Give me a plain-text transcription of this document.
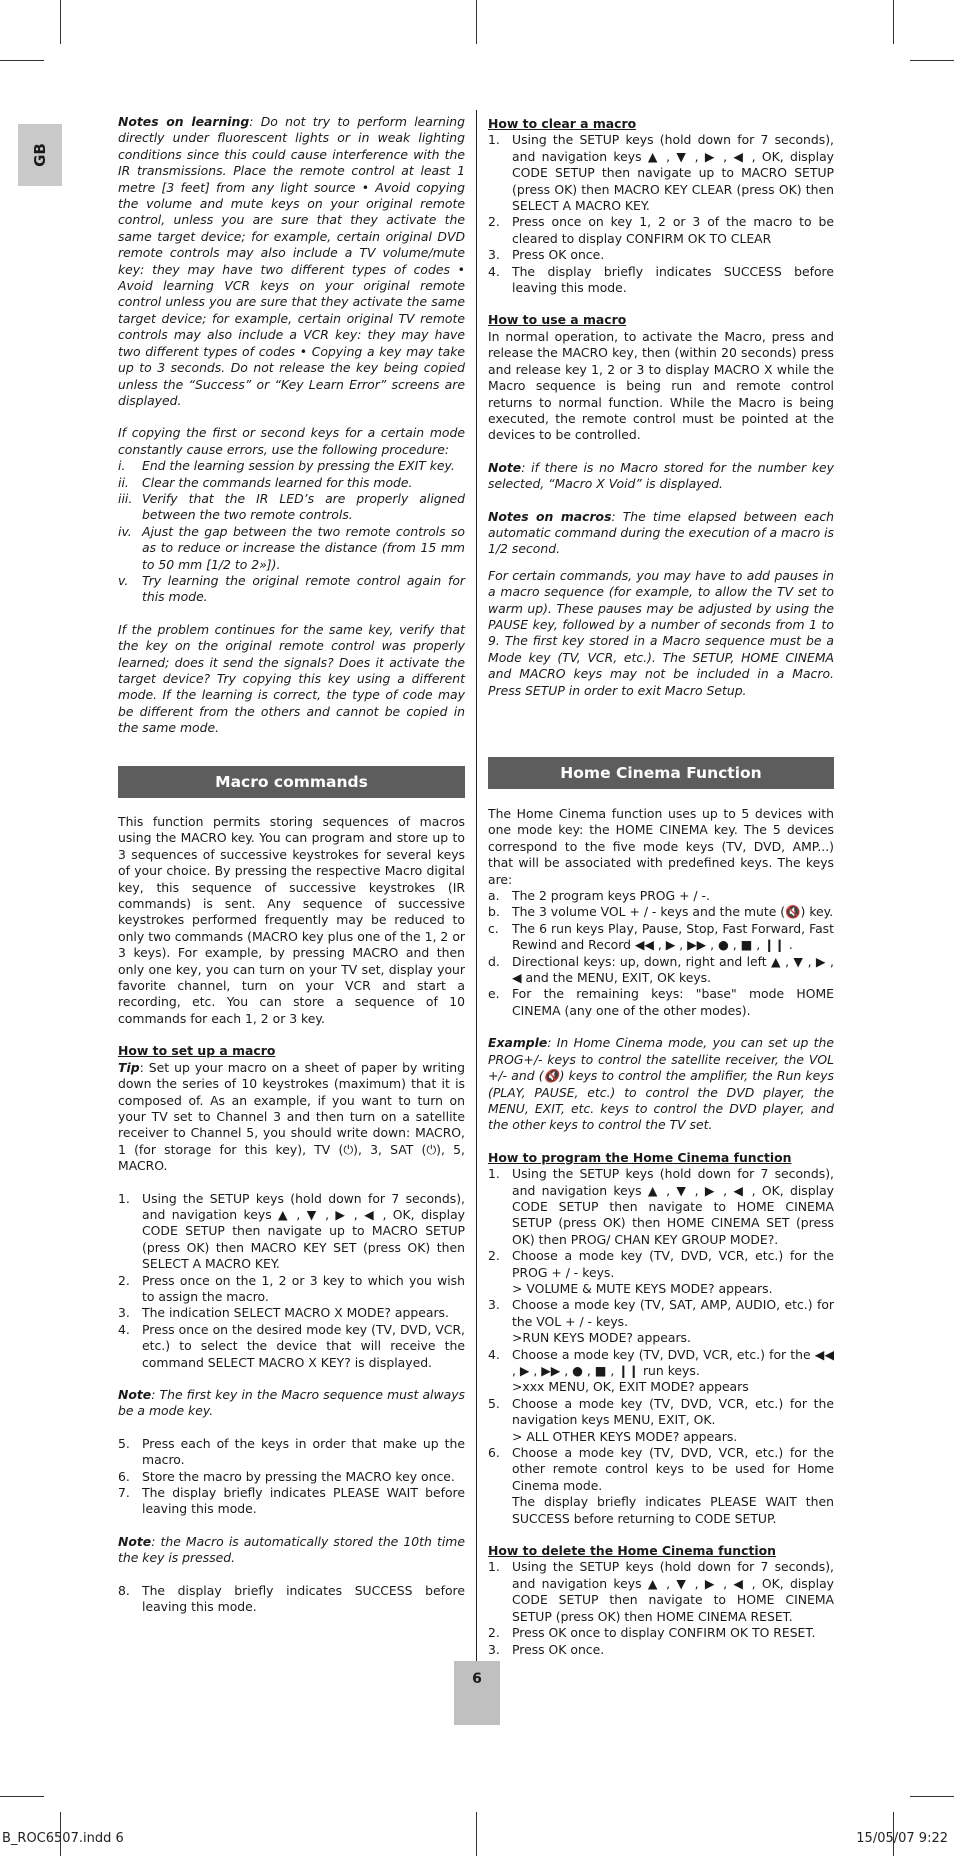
GB

Notes on learning: Do not try to perform learning directly under fluorescent lights or in weak lighting conditions since this could cause interference with the IR transmissions. Place the remote control at least 1 metre [3 feet] from any light source • Avoid copying the volume and mute keys on your original remote control, unless you are sure that they activate the same target device; for example, certain original DVD remote controls may also include a TV volume/mute key: they may have two different types of codes • Avoid learning VCR keys on your original remote control unless you are sure that they activate the same target device; for example, certain original TV remote controls may also include a VCR key: they may have two different types of codes • Copying a key may take up to 3 seconds. Do not release the key being copied unless the “Success” or “Key Learn Error” screens are displayed.

If copying the first or second keys for a certain mode constantly cause errors, use the following procedure:

i. End the learning session by pressing the EXIT key.
ii. Clear the commands learned for this mode.
iii. Verify that the IR LED’s are properly aligned between the two remote controls.
iv. Ajust the gap between the two remote controls so as to reduce or increase the distance (from 15 mm to 50 mm [1/2 to 2»]).
v. Try learning the original remote control again for this mode.

If the problem continues for the same key, verify that the key on the original remote control was properly learned; does it send the signals? Does it activate the target device? Try copying this key using a different mode. If the learning is correct, the type of code may be different from the others and cannot be copied in the same mode.

Macro commands

This function permits storing sequences of macros using the MACRO key. You can program and store up to 3 sequences of successive keystrokes for several keys of your choice. By pressing the respective Macro digital key, this sequence of successive keystrokes (IR commands) is sent. Any sequence of successive keystrokes performed frequently may be reduced to only two commands (MACRO key plus one of the 1, 2 or 3 keys). For example, by pressing MACRO and then only one key, you can turn on your TV set, display your favorite channel, turn on your VCR and start a recording, etc. You can store a sequence of 10 commands for each 1, 2 or 3 key.

How to set up a macro

Tip: Set up your macro on a sheet of paper by writing down the series of 10 keystrokes (maximum) that it is composed of. As an example, if you want to turn on your TV set to Channel 3 and then turn on a satellite receiver to Channel 5, you should write down: MACRO, 1 (for storage for this key), TV (⏻), 3, SAT (⏻), 5, MACRO.

1. Using the SETUP keys (hold down for 7 seconds), and navigation keys ▲ , ▼ , ▶ , ◀ , OK, display CODE SETUP then navigate up to MACRO SETUP (press OK) then MACRO KEY SET (press OK) then SELECT A MACRO KEY.
2. Press once on the 1, 2 or 3 key to which you wish to assign the macro.
3. The indication SELECT MACRO X MODE? appears.
4. Press once on the desired mode key (TV, DVD, VCR, etc.) to select the device that will receive the command SELECT MACRO X KEY? is displayed.

Note: The first key in the Macro sequence must always be a mode key.

5. Press each of the keys in order that make up the macro.
6. Store the macro by pressing the MACRO key once.
7. The display briefly indicates PLEASE WAIT before leaving this mode.

Note: the Macro is automatically stored the 10th time the key is pressed.

8. The display briefly indicates SUCCESS before leaving this mode.

How to clear a macro

1. Using the SETUP keys (hold down for 7 seconds), and navigation keys ▲ , ▼ , ▶ , ◀ , OK, display CODE SETUP then navigate up to MACRO SETUP (press OK) then MACRO KEY CLEAR (press OK) then SELECT A MACRO KEY.
2. Press once on key 1, 2 or 3 of the macro to be cleared to display CONFIRM OK TO CLEAR
3. Press OK once.
4. The display briefly indicates SUCCESS before leaving this mode.

How to use a macro

In normal operation, to activate the Macro, press and release the MACRO key, then (within 20 seconds) press and release key 1, 2 or 3 to display MACRO X while the Macro sequence is being run and remote control returns to normal function. While the Macro is being executed, the remote control must be pointed at the devices to be controlled.

Note: if there is no Macro stored for the number key selected, “Macro X Void” is displayed.

Notes on macros: The time elapsed between each automatic command during the execution of a macro is 1/2 second.

For certain commands, you may have to add pauses in a macro sequence (for example, to allow the TV set to warm up). These pauses may be adjusted by using the PAUSE key, followed by a number of seconds from 1 to 9. The first key stored in a Macro sequence must be a Mode key (TV, VCR, etc.). The SETUP, HOME CINEMA and MACRO keys may not be included in a Macro. Press SETUP in order to exit Macro Setup.

Home Cinema Function

The Home Cinema function uses up to 5 devices with one mode key: the HOME CINEMA key. The 5 devices correspond to the five mode keys (TV, DVD, AMP...) that will be associated with predefined keys. The keys are:

a. The 2 program keys PROG + / -.
b. The 3 volume VOL + / - keys and the mute (🔇) key.
c. The 6 run keys Play, Pause, Stop, Fast Forward, Fast Rewind and Record ◀◀ , ▶ , ▶▶ , ● , ■ , ❙❙ .
d. Directional keys: up, down, right and left ▲ , ▼ , ▶ , ◀ and the MENU, EXIT, OK keys.
e. For the remaining keys: "base" mode HOME CINEMA (any one of the other modes).

Example: In Home Cinema mode, you can set up the PROG+/- keys to control the satellite receiver, the VOL +/- and (🔇) keys to control the amplifier, the Run keys (PLAY, PAUSE, etc.) to control the DVD player, the MENU, EXIT, etc. keys to control the DVD player, and the other keys to control the TV set.

How to program the Home Cinema function

1. Using the SETUP keys (hold down for 7 seconds), and navigation keys ▲ , ▼ , ▶ , ◀ , OK, display CODE SETUP then navigate to HOME CINEMA SETUP (press OK) then HOME CINEMA SET (press OK) then PROG/ CHAN KEY GROUP MODE?.
2. Choose a mode key (TV, DVD, VCR, etc.) for the PROG + / - keys.
> VOLUME & MUTE KEYS MODE? appears.
3. Choose a mode key (TV, SAT, AMP, AUDIO, etc.) for the VOL + / - keys.
>RUN KEYS MODE? appears.
4. Choose a mode key (TV, DVD, VCR, etc.) for the ◀◀ , ▶ , ▶▶ , ● , ■ , ❙❙ run keys.
>xxx MENU, OK, EXIT MODE? appears
5. Choose a mode key (TV, DVD, VCR, etc.) for the navigation keys MENU, EXIT, OK.
> ALL OTHER KEYS MODE? appears.
6. Choose a mode key (TV, DVD, VCR, etc.) for the other remote control keys to be used for Home Cinema mode.
The display briefly indicates PLEASE WAIT then SUCCESS before returning to CODE SETUP.

How to delete the Home Cinema function

1. Using the SETUP keys (hold down for 7 seconds), and navigation keys ▲ , ▼ , ▶ , ◀ , OK, display CODE SETUP then navigate to HOME CINEMA SETUP (press OK) then HOME CINEMA RESET.
2. Press OK once to display CONFIRM OK TO RESET.
3. Press OK once.
6
B_ROC6507.indd 6	15/05/07 9:22
